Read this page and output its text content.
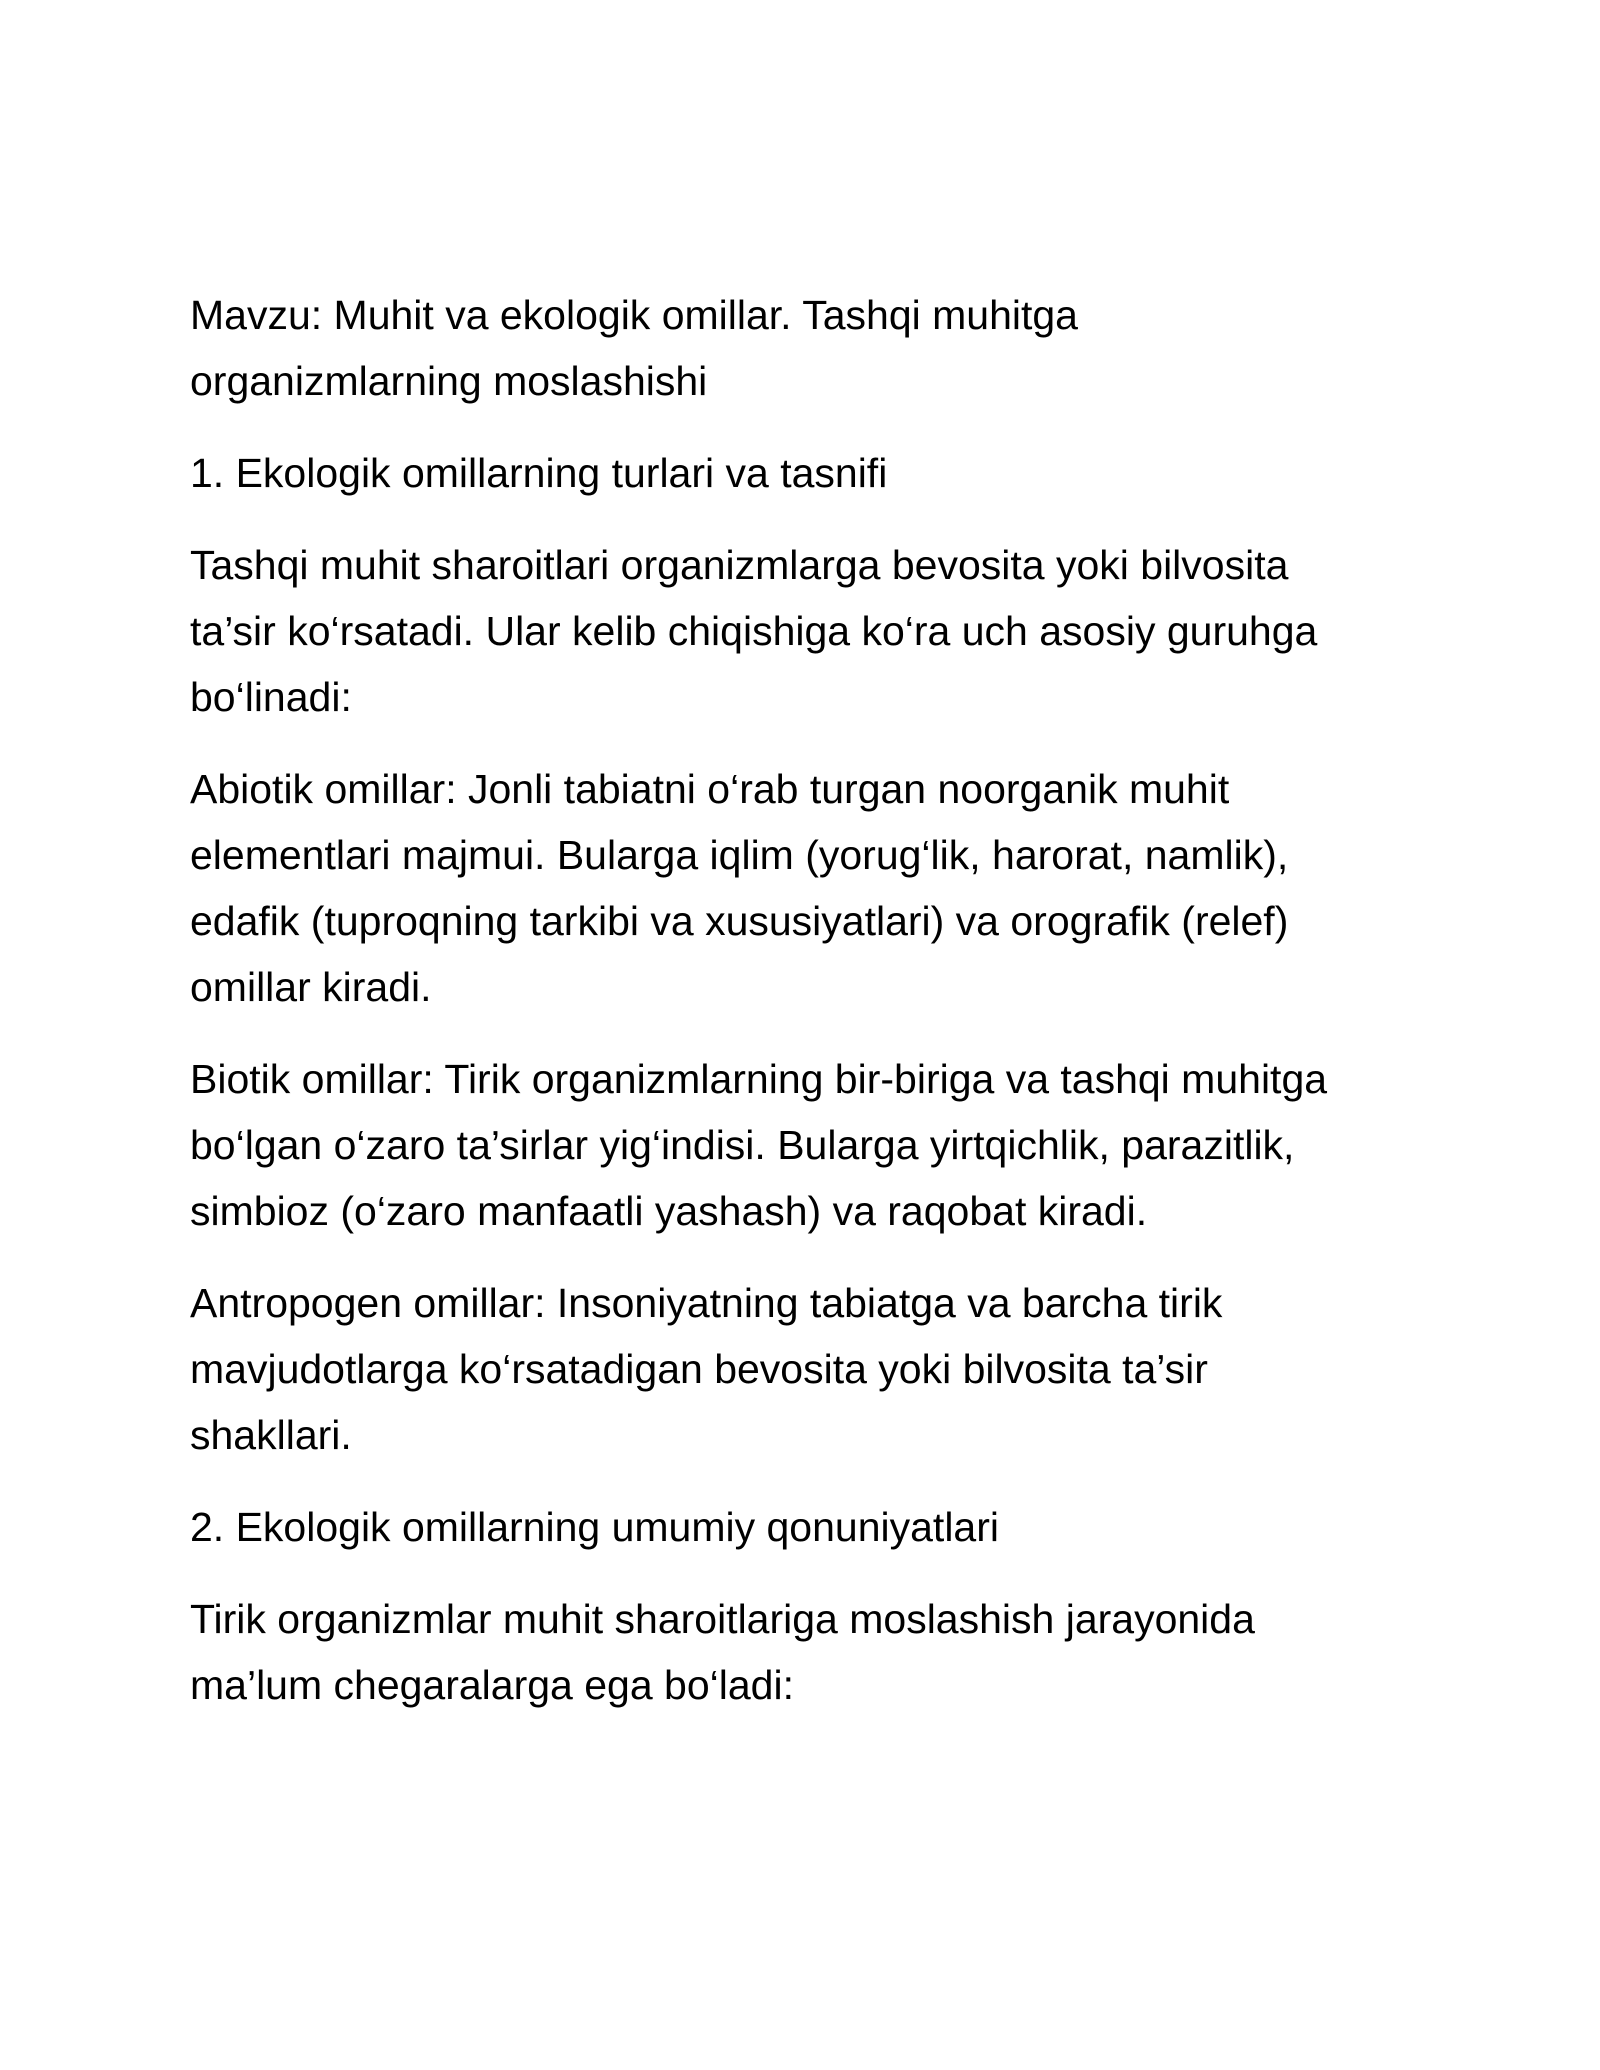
Mavzu: Muhit va ekologik omillar. Tashqi muhitga
organizmlarning moslashishi

1. Ekologik omillarning turlari va tasnifi

Tashqi muhit sharoitlari organizmlarga bevosita yoki bilvosita
ta’sir ko‘rsatadi. Ular kelib chiqishiga ko‘ra uch asosiy guruhga
bo‘linadi:

Abiotik omillar: Jonli tabiatni o‘rab turgan noorganik muhit
elementlari majmui. Bularga iqlim (yorug‘lik, harorat, namlik),
edafik (tuproqning tarkibi va xususiyatlari) va orografik (relef)
omillar kiradi.

Biotik omillar: Tirik organizmlarning bir-biriga va tashqi muhitga
bo‘lgan o‘zaro ta’sirlar yig‘indisi. Bularga yirtqichlik, parazitlik,
simbioz (o‘zaro manfaatli yashash) va raqobat kiradi.

Antropogen omillar: Insoniyatning tabiatga va barcha tirik
mavjudotlarga ko‘rsatadigan bevosita yoki bilvosita ta’sir
shakllari.

2. Ekologik omillarning umumiy qonuniyatlari

Tirik organizmlar muhit sharoitlariga moslashish jarayonida
ma’lum chegaralarga ega bo‘ladi:
